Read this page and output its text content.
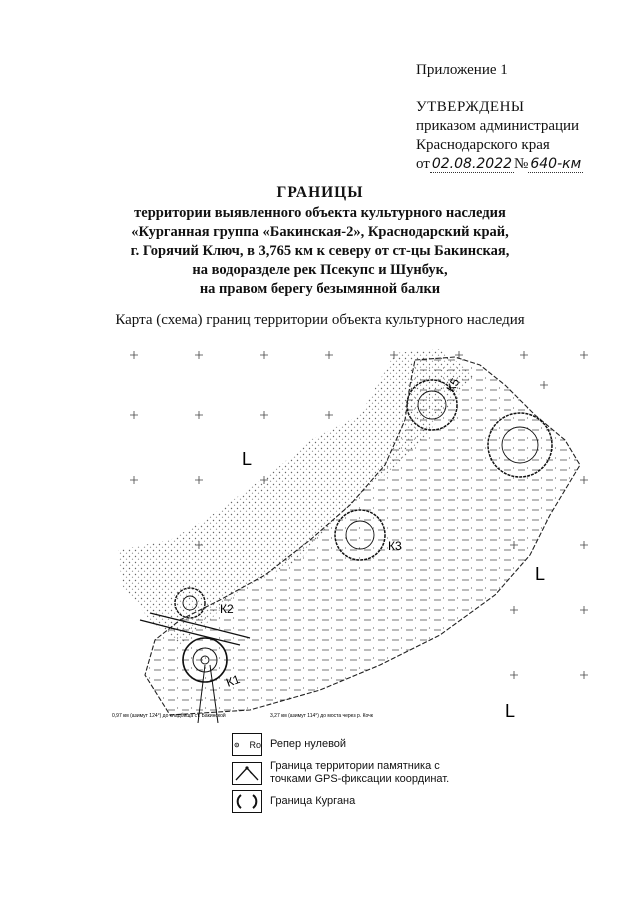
Приложение 1
УТВЕРЖДЕНЫ
приказом администрации
Краснодарского края
от 02.08.2022 № 640-км
ГРАНИЦЫ
территории выявленного объекта культурного наследия
«Курганная группа «Бакинская-2», Краснодарский край,
г. Горячий Ключ, в 3,765 км к северу от ст-цы Бакинская,
на водоразделе рек Псекупс и Шунбук,
на правом берегу безымянной балки
Карта (схема) границ территории объекта культурного наследия
К1
К2
К3
К5
L
L
L
0,97 км (азимут 124°) до кладбища ст. Бакинской	3,27 км (азимут 114°) до моста через р. Кочк
Ro Репер нулевой
Граница территории памятника с
точками GPS-фиксации координат.
Граница Кургана
